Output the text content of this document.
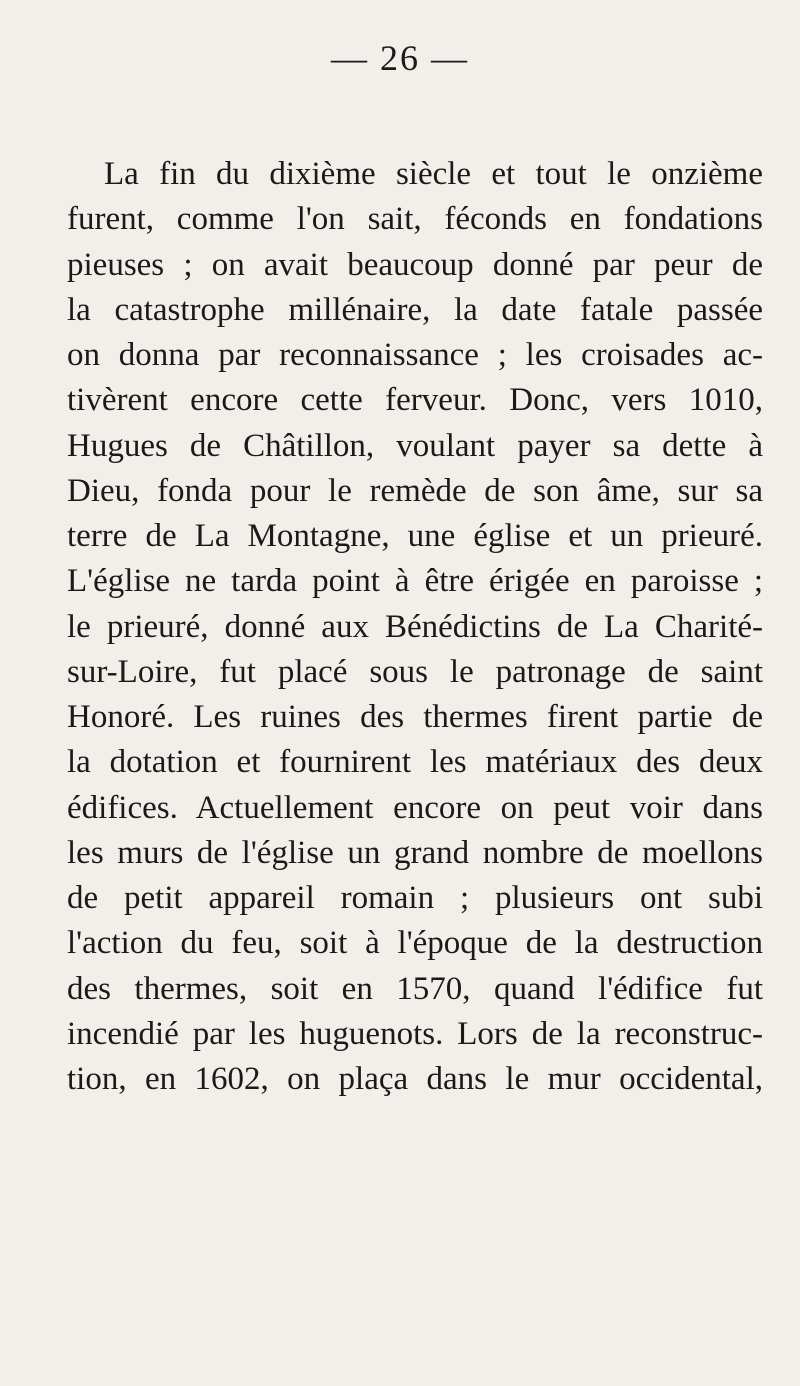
— 26 —
La fin du dixième siècle et tout le onzième
furent, comme l'on sait, féconds en fondations
pieuses ; on avait beaucoup donné par peur de
la catastrophe millénaire, la date fatale passée
on donna par reconnaissance ; les croisades ac-
tivèrent encore cette ferveur. Donc, vers 1010,
Hugues de Châtillon, voulant payer sa dette à
Dieu, fonda pour le remède de son âme, sur sa
terre de La Montagne, une église et un prieuré.
L'église ne tarda point à être érigée en paroisse ;
le prieuré, donné aux Bénédictins de La Charité-
sur-Loire, fut placé sous le patronage de saint
Honoré. Les ruines des thermes firent partie de
la dotation et fournirent les matériaux des deux
édifices. Actuellement encore on peut voir dans
les murs de l'église un grand nombre de moellons
de petit appareil romain ; plusieurs ont subi
l'action du feu, soit à l'époque de la destruction
des thermes, soit en 1570, quand l'édifice fut
incendié par les huguenots. Lors de la reconstruc-
tion, en 1602, on plaça dans le mur occidental,
